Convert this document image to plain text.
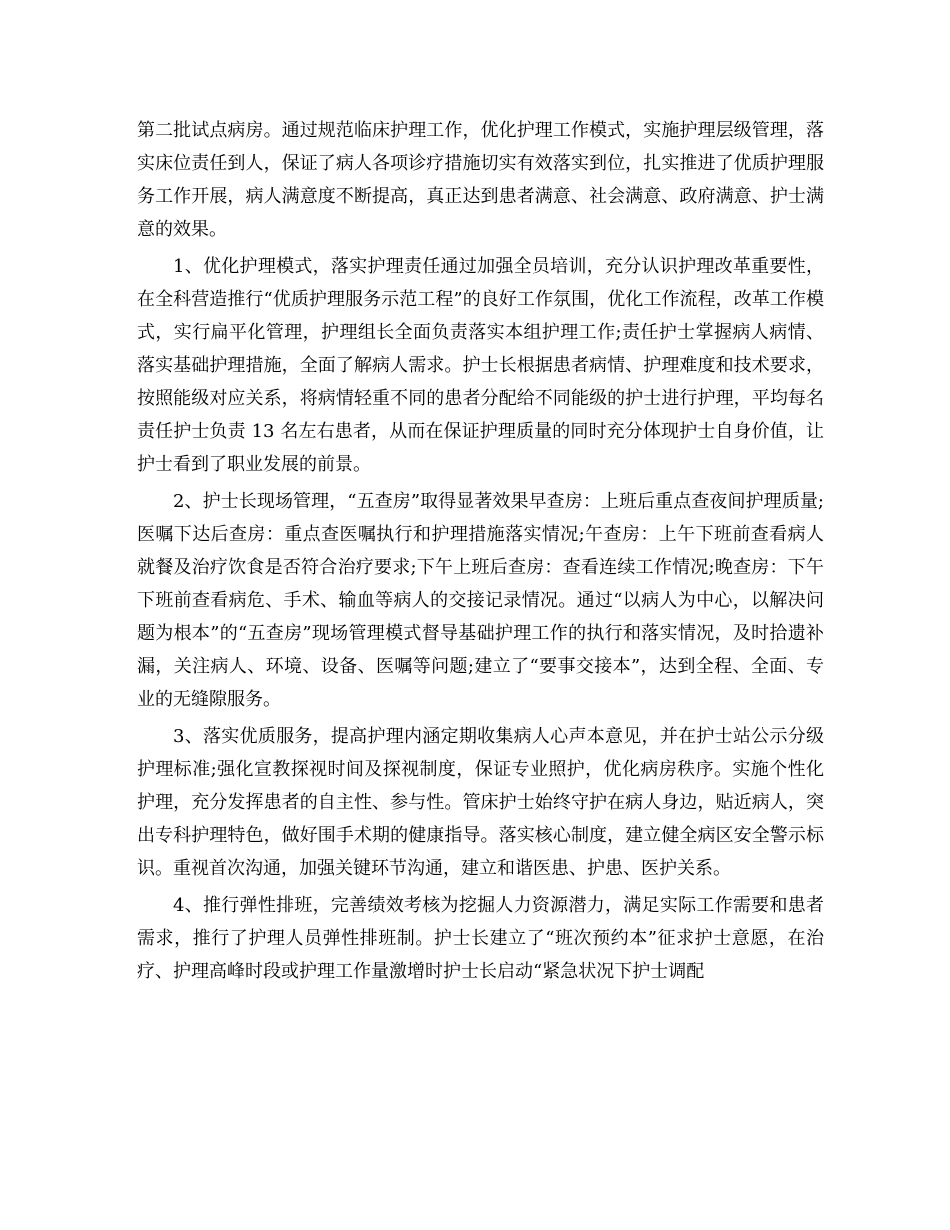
第二批试点病房。通过规范临床护理工作，优化护理工作模式，实施护理层级管理，落实床位责任到人，保证了病人各项诊疗措施切实有效落实到位，扎实推进了优质护理服务工作开展，病人满意度不断提高，真正达到患者满意、社会满意、政府满意、护士满意的效果。

1、优化护理模式，落实护理责任通过加强全员培训，充分认识护理改革重要性，在全科营造推行“优质护理服务示范工程”的良好工作氛围，优化工作流程，改革工作模式，实行扁平化管理，护理组长全面负责落实本组护理工作;责任护士掌握病人病情、落实基础护理措施，全面了解病人需求。护士长根据患者病情、护理难度和技术要求，按照能级对应关系，将病情轻重不同的患者分配给不同能级的护士进行护理，平均每名责任护士负责 13 名左右患者，从而在保证护理质量的同时充分体现护士自身价值，让护士看到了职业发展的前景。

2、护士长现场管理，“五查房”取得显著效果早查房：上班后重点查夜间护理质量;医嘱下达后查房：重点查医嘱执行和护理措施落实情况;午查房：上午下班前查看病人就餐及治疗饮食是否符合治疗要求;下午上班后查房：查看连续工作情况;晚查房：下午下班前查看病危、手术、输血等病人的交接记录情况。通过“以病人为中心，以解决问题为根本”的“五查房”现场管理模式督导基础护理工作的执行和落实情况，及时拾遗补漏，关注病人、环境、设备、医嘱等问题;建立了“要事交接本”，达到全程、全面、专业的无缝隙服务。

3、落实优质服务，提高护理内涵定期收集病人心声本意见，并在护士站公示分级护理标准;强化宣教探视时间及探视制度，保证专业照护，优化病房秩序。实施个性化护理，充分发挥患者的自主性、参与性。管床护士始终守护在病人身边，贴近病人，突出专科护理特色，做好围手术期的健康指导。落实核心制度，建立健全病区安全警示标识。重视首次沟通，加强关键环节沟通，建立和谐医患、护患、医护关系。

4、推行弹性排班，完善绩效考核为挖掘人力资源潜力，满足实际工作需要和患者需求，推行了护理人员弹性排班制。护士长建立了“班次预约本”征求护士意愿，在治疗、护理高峰时段或护理工作量激增时护士长启动“紧急状况下护士调配
